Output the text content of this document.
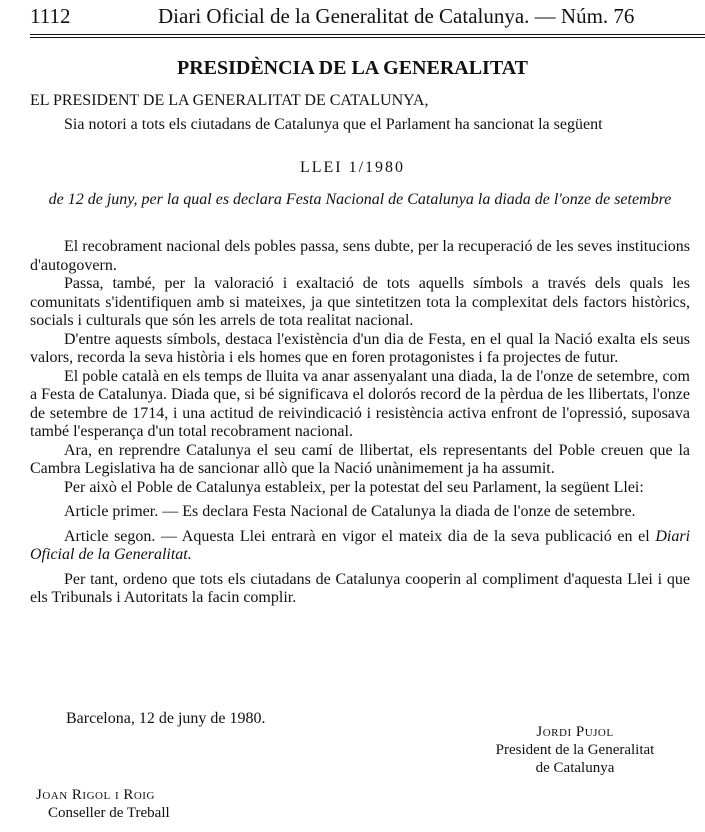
1112	Diari Oficial de la Generalitat de Catalunya. — Núm. 76
PRESIDÈNCIA DE LA GENERALITAT
EL PRESIDENT DE LA GENERALITAT DE CATALUNYA,
Sia notori a tots els ciutadans de Catalunya que el Parlament ha sancionat la següent
LLEI 1/1980
de 12 de juny, per la qual es declara Festa Nacional de Catalunya la diada de l'onze de setembre

El recobrament nacional dels pobles passa, sens dubte, per la recuperació de les seves institucions d'autogovern.

Passa, també, per la valoració i exaltació de tots aquells símbols a través dels quals les comunitats s'identifiquen amb si mateixes, ja que sintetitzen tota la complexitat dels factors històrics, socials i culturals que són les arrels de tota realitat nacional.

D'entre aquests símbols, destaca l'existència d'un dia de Festa, en el qual la Nació exalta els seus valors, recorda la seva història i els homes que en foren protagonistes i fa projectes de futur.

El poble català en els temps de lluita va anar assenyalant una diada, la de l'onze de setembre, com a Festa de Catalunya. Diada que, si bé significava el dolorós record de la pèrdua de les llibertats, l'onze de setembre de 1714, i una actitud de reivindicació i resistència activa enfront de l'opressió, suposava també l'esperança d'un total recobrament nacional.

Ara, en reprendre Catalunya el seu camí de llibertat, els representants del Poble creuen que la Cambra Legislativa ha de sancionar allò que la Nació unànimement ja ha assumit.

Per això el Poble de Catalunya estableix, per la potestat del seu Parlament, la següent Llei:

Article primer. — Es declara Festa Nacional de Catalunya la diada de l'onze de setembre.

Article segon. — Aquesta Llei entrarà en vigor el mateix dia de la seva publicació en el Diari Oficial de la Generalitat.

Per tant, ordeno que tots els ciutadans de Catalunya cooperin al compliment d'aquesta Llei i que els Tribunals i Autoritats la facin complir.

Barcelona, 12 de juny de 1980.
Jordi Pujol
President de la Generalitat de Catalunya
Joan Rigol i Roig
Conseller de Treball
